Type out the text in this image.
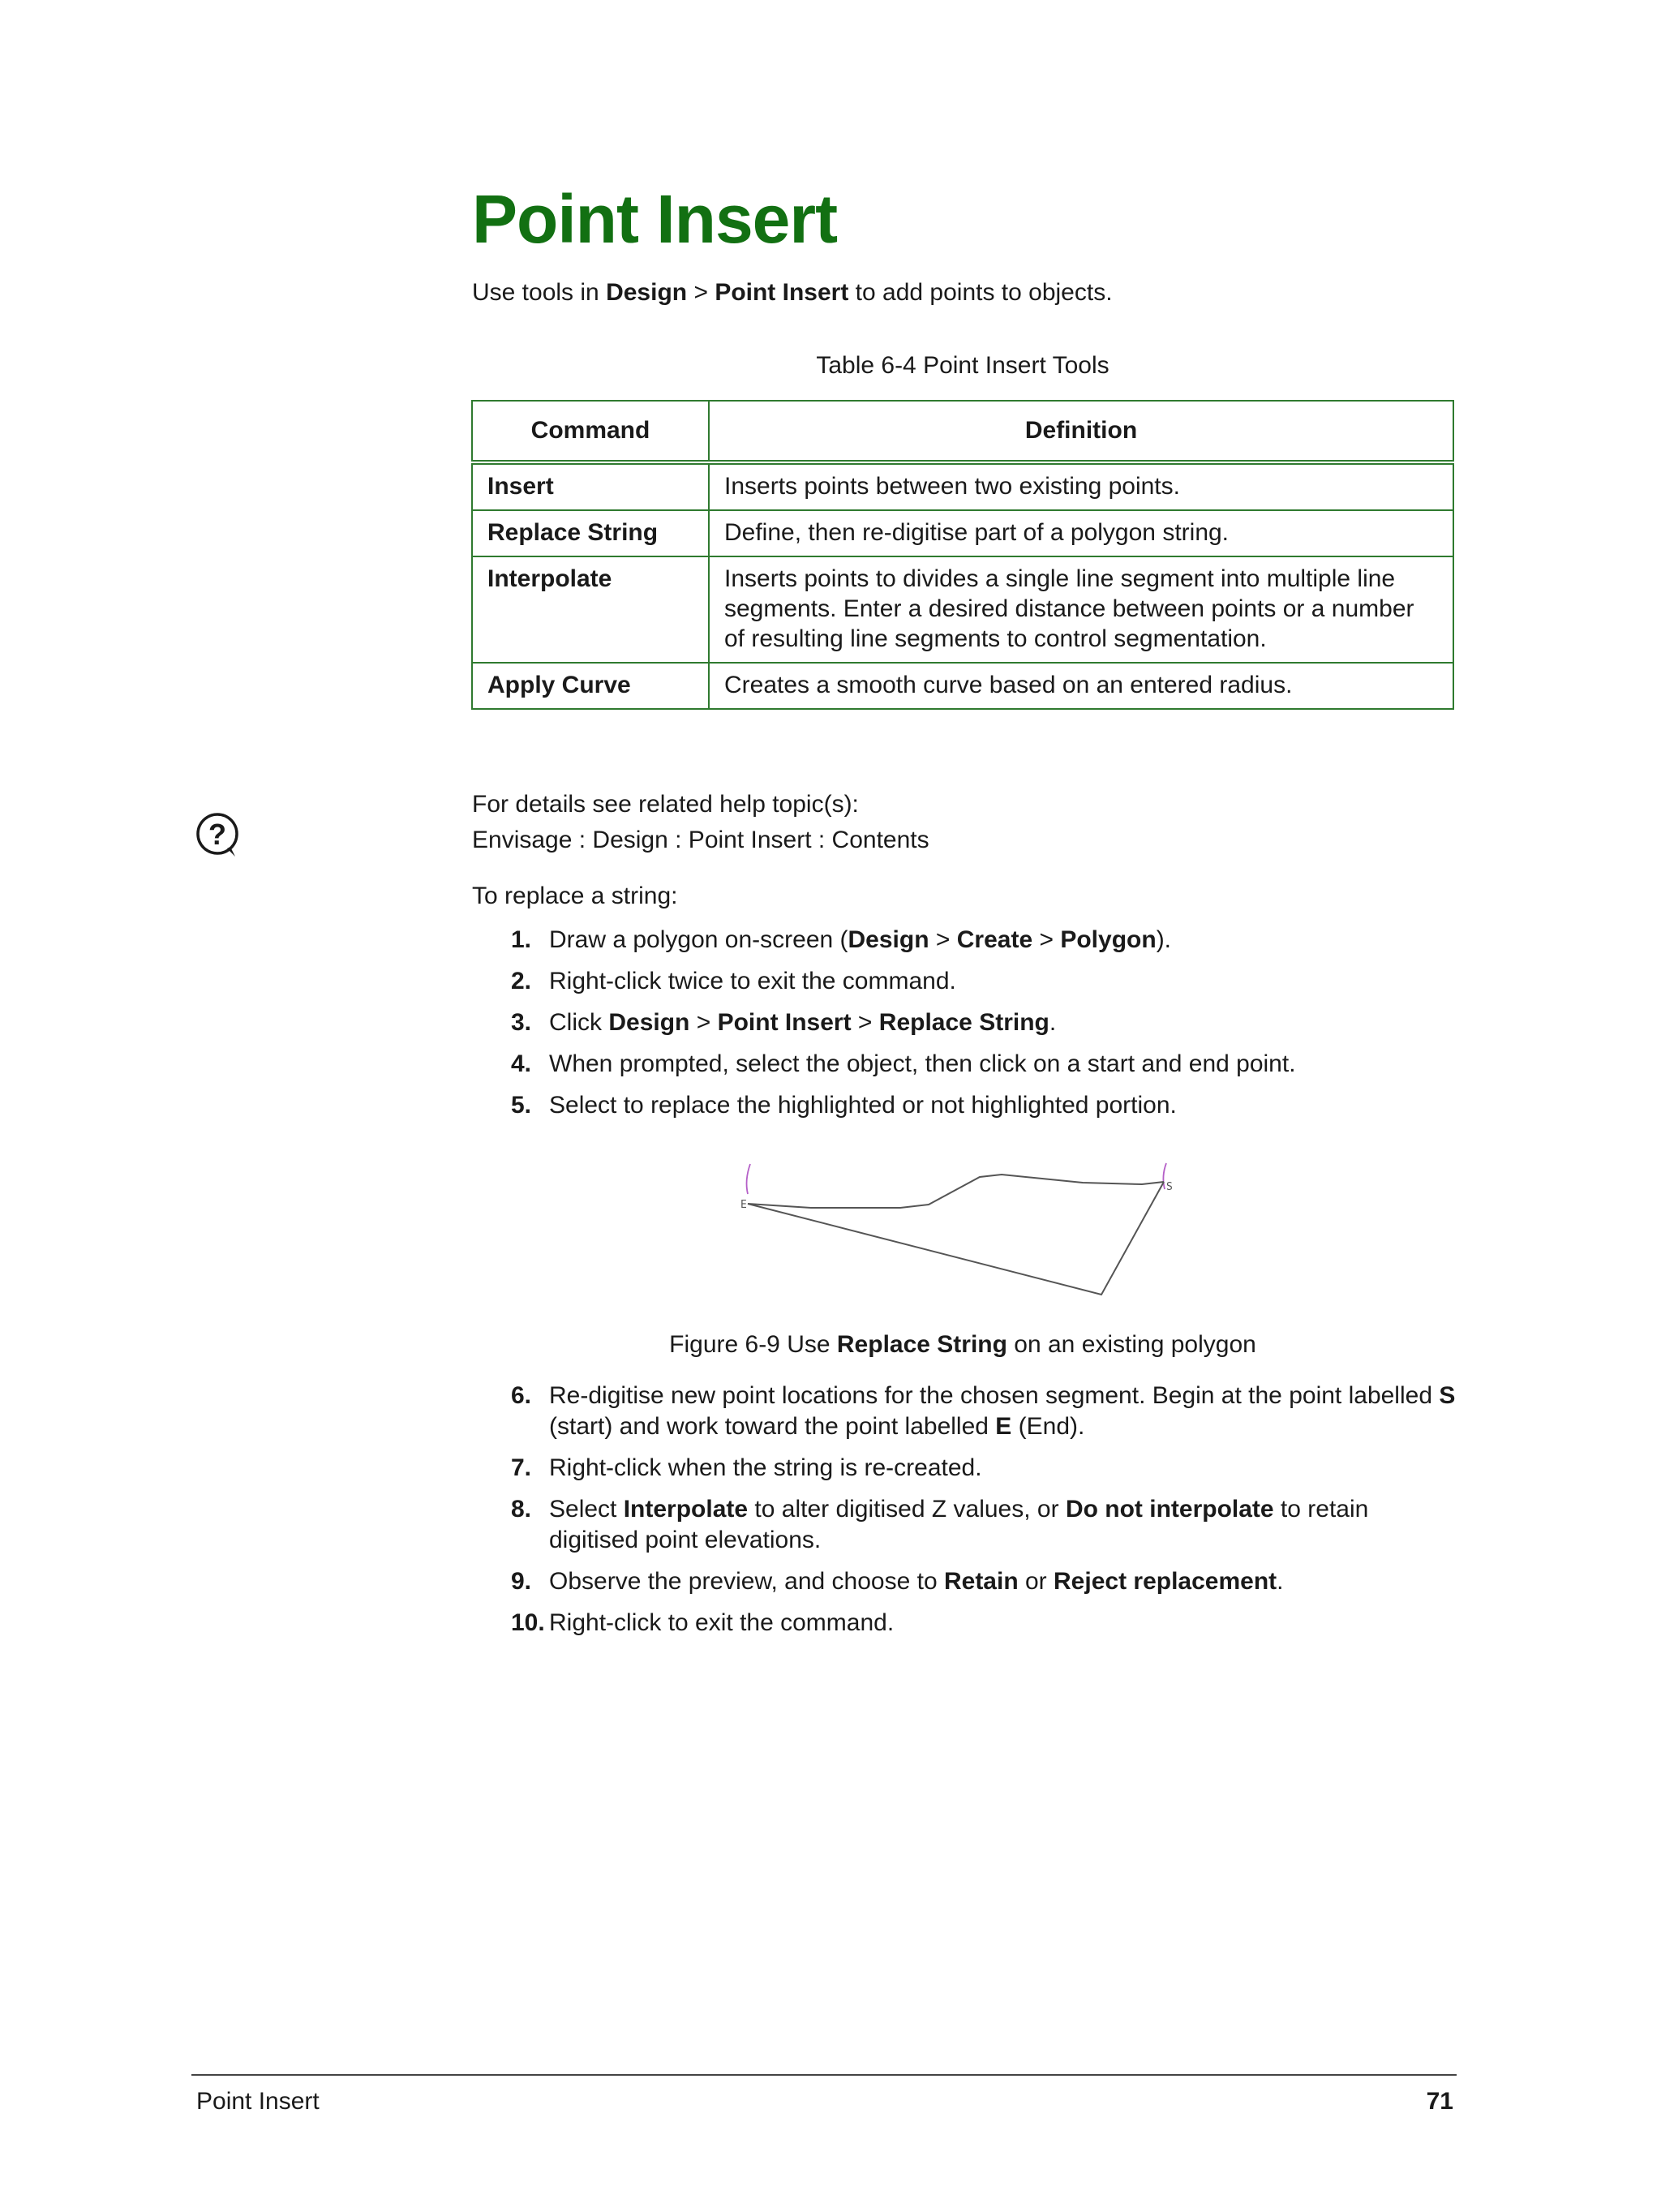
Point Insert
Use tools in Design > Point Insert to add points to objects.
Table 6-4 Point Insert Tools
Command	Definition
Insert	Inserts points between two existing points.
Replace String	Define, then re-digitise part of a polygon string.
Interpolate	Inserts points to divides a single line segment into multiple line segments. Enter a desired distance between points or a number of resulting line segments to control segmentation.
Apply Curve	Creates a smooth curve based on an entered radius.
?
For details see related help topic(s):
Envisage : Design : Point Insert : Contents
To replace a string:
1. Draw a polygon on-screen (Design > Create > Polygon).
2. Right-click twice to exit the command.
3. Click Design > Point Insert > Replace String.
4. When prompted, select the object, then click on a start and end point.
5. Select to replace the highlighted or not highlighted portion.
E
S
Figure 6-9 Use Replace String on an existing polygon
6. Re-digitise new point locations for the chosen segment. Begin at the point labelled S (start) and work toward the point labelled E (End).
7. Right-click when the string is re-created.
8. Select Interpolate to alter digitised Z values, or Do not interpolate to retain digitised point elevations.
9. Observe the preview, and choose to Retain or Reject replacement.
10. Right-click to exit the command.
Point Insert	71
